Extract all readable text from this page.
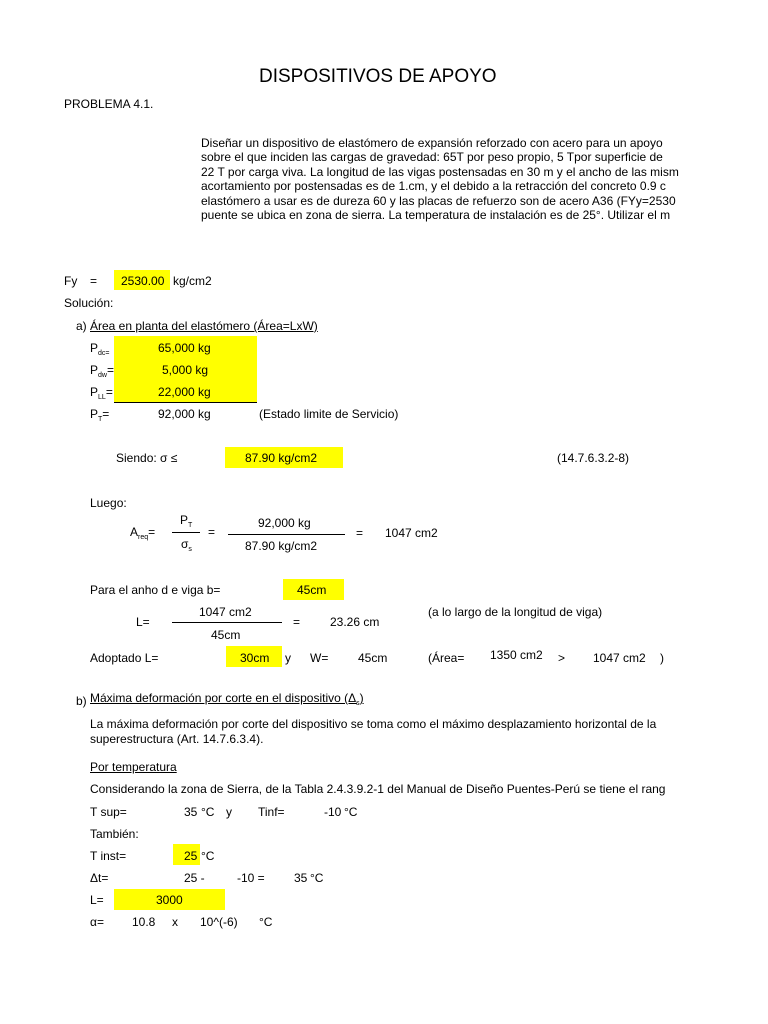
DISPOSITIVOS DE APOYO
PROBLEMA 4.1.
Diseñar un dispositivo de elastómero de expansión reforzado con acero para un apoyo
sobre el que inciden las cargas de gravedad: 65T por peso propio, 5 Tpor superficie de
22 T por carga viva. La longitud de las vigas postensadas en 30 m y el ancho de las mism
acortamiento por postensadas es de 1.cm, y el debido a la retracción del concreto 0.9 c
elastómero a usar es de dureza 60 y las placas de refuerzo son de acero A36 (FYy=2530
puente se ubica en zona de sierra. La temperatura de instalación es de 25°. Utilizar el m
Fy = 2530.00 kg/cm2
Solución:
a) Área en planta del elastómero (Área=LxW)
$P_{dc=}$	65,000 kg
$P_{dw}=$	5,000 kg
$P_{LL}=$	22,000 kg
$P_T=$	92,000 kg	(Estado limite de Servicio)
Siendo: σ ≤	87.90 kg/cm2	(14.7.6.3.2-8)
Luego:
$A_{req}=$
$P_T$
$\sigma_s$
=
92,000 kg
87.90 kg/cm2
= 1047 cm2
Para el anho d e viga b=	45cm
L=
1047 cm2
45cm
= 23.26 cm
(a lo largo de la longitud de viga)
Adoptado L=	30cm y W= 45cm	(Área= 1350 cm2 > 1047 cm2 )
b) Máxima deformación por corte en el dispositivo $(\Delta_s)$
La máxima deformación por corte del dispositivo se toma como el máximo desplazamiento horizontal de la
superestructura (Art. 14.7.6.3.4).
Por temperatura
Considerando la zona de Sierra, de la Tabla 2.4.3.9.2-1 del Manual de Diseño Puentes-Perú se tiene el rang
T sup=	35 °C y Tinf=	-10 °C
También:
T inst=	25 °C
Δt=	25 -	-10 = 35 °C
L=	3000
α= 10.8 x 10^(-6) °C
